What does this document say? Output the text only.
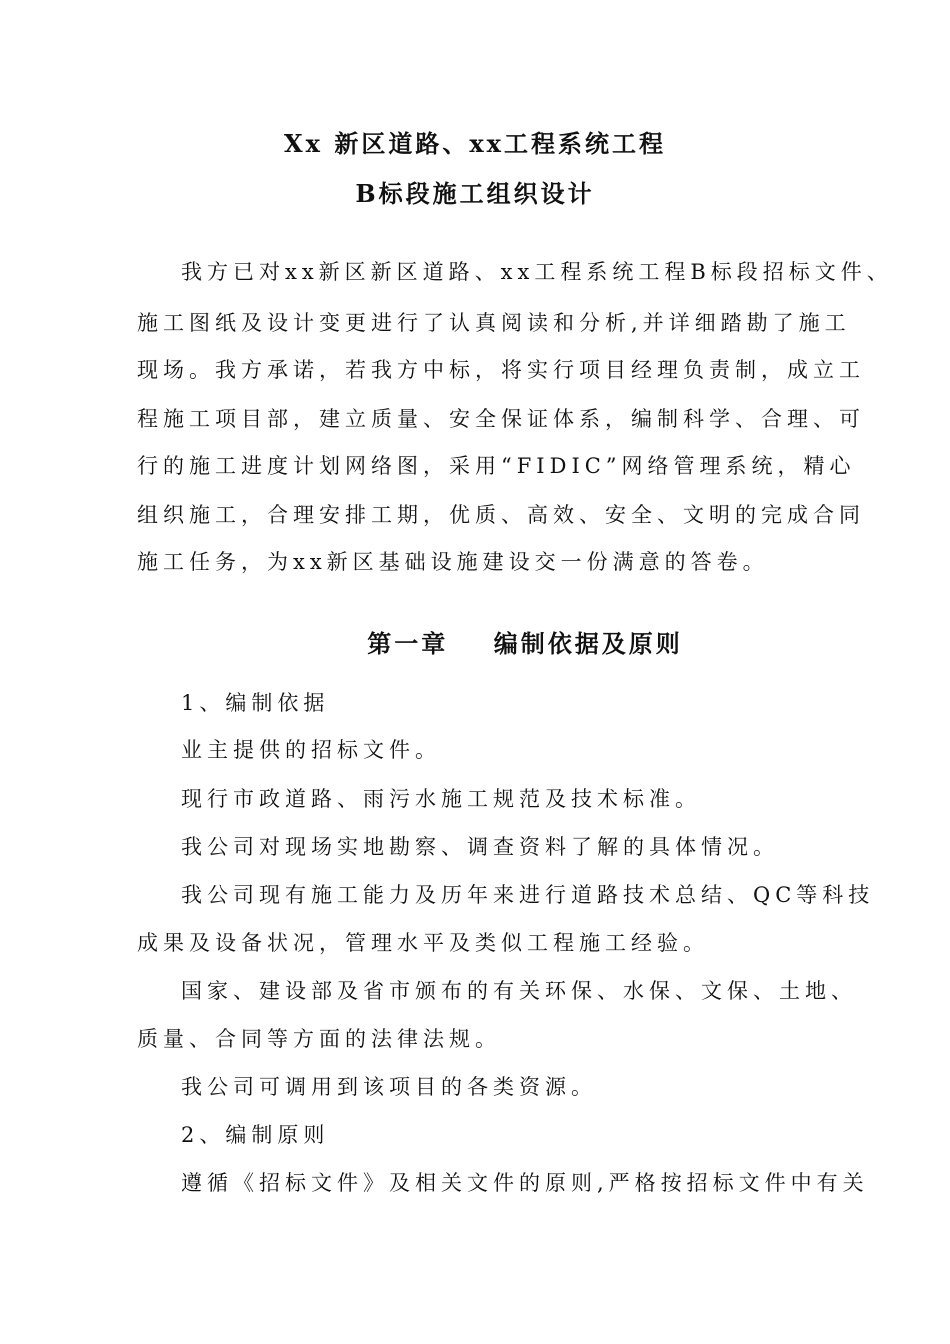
Xx 新区道路、xx工程系统工程
B标段施工组织设计
我方已对xx新区新区道路、xx工程系统工程B标段招标文件、
施工图纸及设计变更进行了认真阅读和分析,并详细踏勘了施工
现场。我方承诺，若我方中标，将实行项目经理负责制，成立工
程施工项目部，建立质量、安全保证体系，编制科学、合理、可
行的施工进度计划网络图，采用“FIDIC”网络管理系统，精心
组织施工，合理安排工期，优质、高效、安全、文明的完成合同
施工任务，为xx新区基础设施建设交一份满意的答卷。
第一章    编制依据及原则
1、编制依据
业主提供的招标文件。
现行市政道路、雨污水施工规范及技术标准。
我公司对现场实地勘察、调查资料了解的具体情况。
我公司现有施工能力及历年来进行道路技术总结、QC等科技
成果及设备状况，管理水平及类似工程施工经验。
国家、建设部及省市颁布的有关环保、水保、文保、土地、
质量、合同等方面的法律法规。
我公司可调用到该项目的各类资源。
2、编制原则
遵循《招标文件》及相关文件的原则,严格按招标文件中有关
